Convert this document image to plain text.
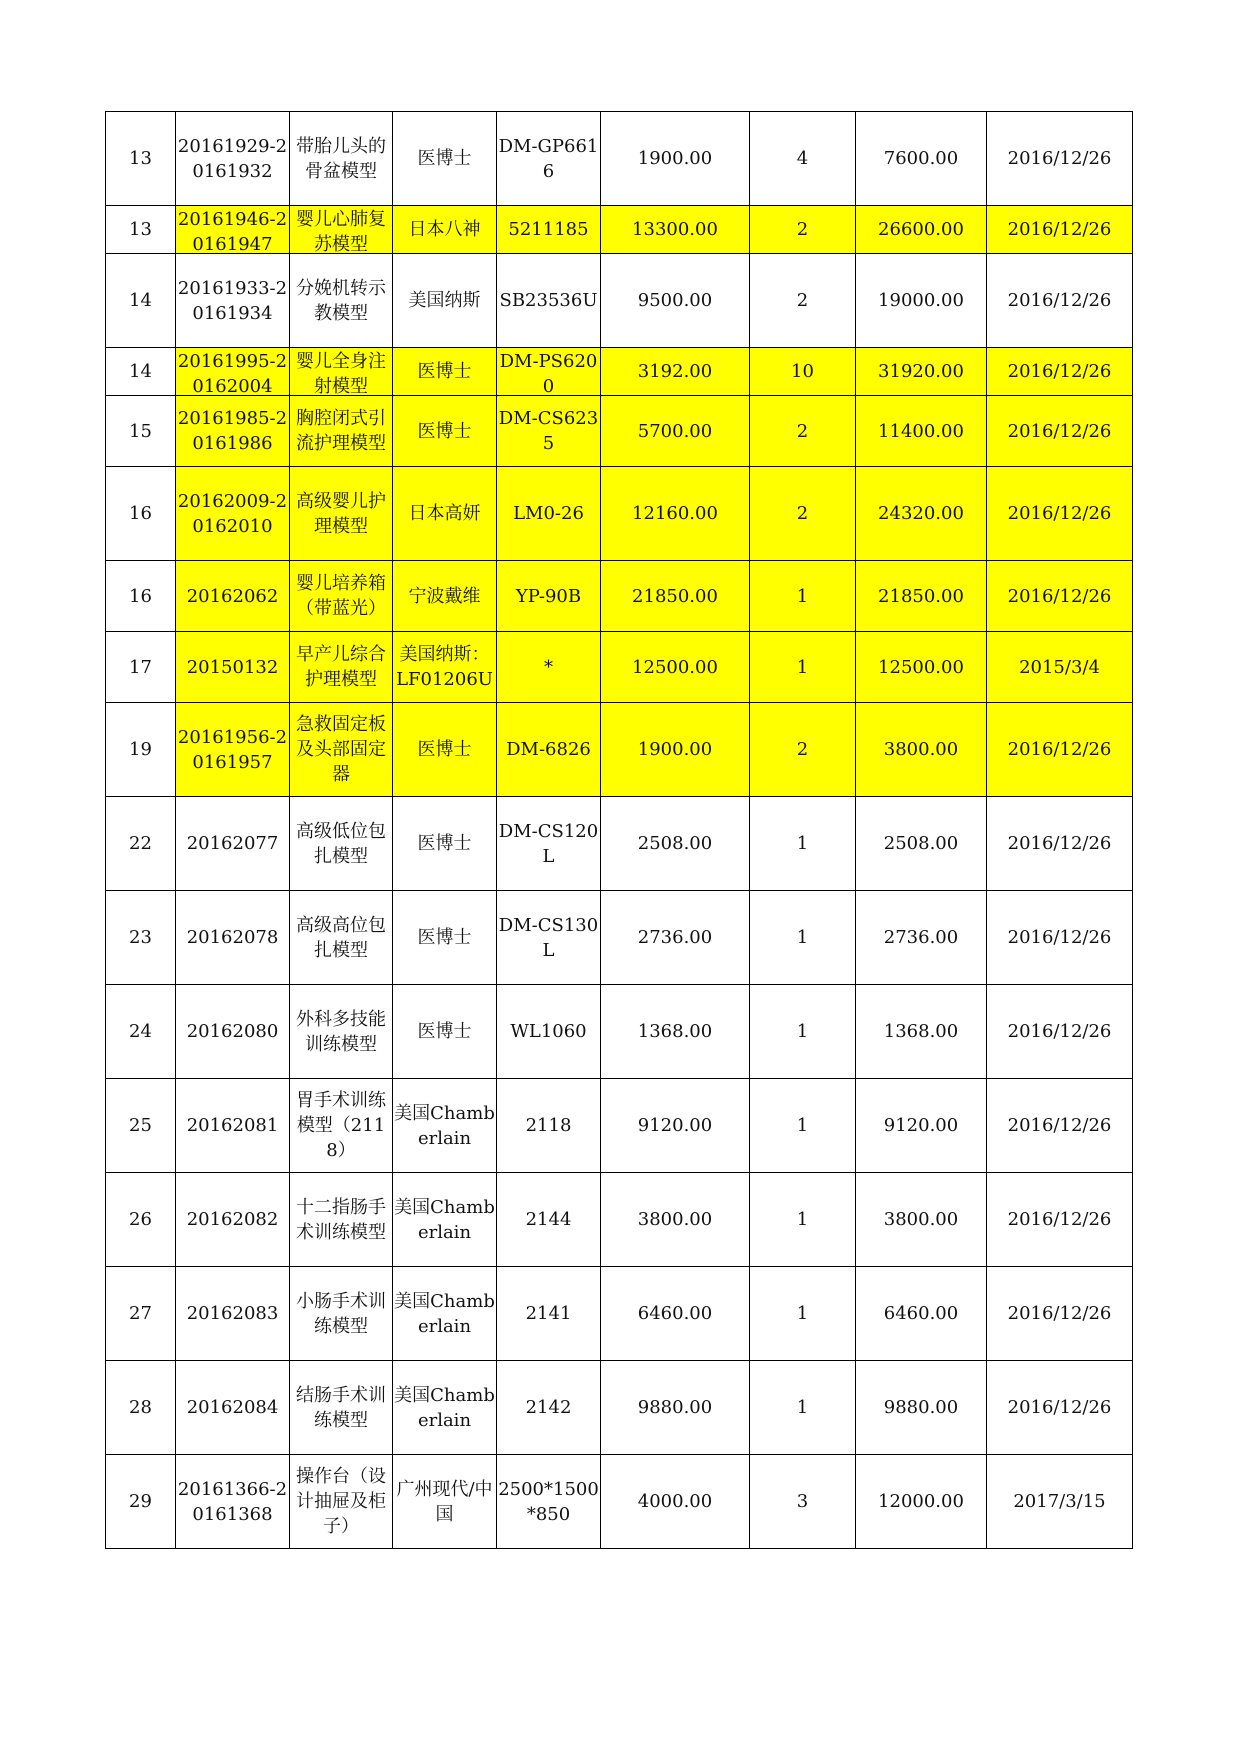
13	20161929-20161932	带胎儿头的骨盆模型	医博士	DM-GP6616	1900.00	4	7600.00	2016/12/26

13	20161946-20161947	婴儿心肺复苏模型	日本八神	5211185	13300.00	2	26600.00	2016/12/26

14	20161933-20161934	分娩机转示教模型	美国纳斯	SB23536U	9500.00	2	19000.00	2016/12/26

14	20161995-20162004	婴儿全身注射模型	医博士	DM-PS6200	3192.00	10	31920.00	2016/12/26

15	20161985-20161986	胸腔闭式引流护理模型	医博士	DM-CS6235	5700.00	2	11400.00	2016/12/26

16	20162009-20162010	高级婴儿护理模型	日本高妍	LM0-26	12160.00	2	24320.00	2016/12/26

16	20162062	婴儿培养箱（带蓝光）	宁波戴维	YP-90B	21850.00	1	21850.00	2016/12/26

17	20150132	早产儿综合护理模型	美国纳斯：LF01206U	*	12500.00	1	12500.00	2015/3/4

19	20161956-20161957	急救固定板及头部固定器	医博士	DM-6826	1900.00	2	3800.00	2016/12/26

22	20162077	高级低位包扎模型	医博士	DM-CS120L	2508.00	1	2508.00	2016/12/26

23	20162078	高级高位包扎模型	医博士	DM-CS130L	2736.00	1	2736.00	2016/12/26

24	20162080	外科多技能训练模型	医博士	WL1060	1368.00	1	1368.00	2016/12/26

25	20162081	胃手术训练模型（2118）	美国Chamberlain	2118	9120.00	1	9120.00	2016/12/26

26	20162082	十二指肠手术训练模型	美国Chamberlain	2144	3800.00	1	3800.00	2016/12/26

27	20162083	小肠手术训练模型	美国Chamberlain	2141	6460.00	1	6460.00	2016/12/26

28	20162084	结肠手术训练模型	美国Chamberlain	2142	9880.00	1	9880.00	2016/12/26

29	20161366-20161368	操作台（设计抽屉及柜子）	广州现代/中国	2500*1500*850	4000.00	3	12000.00	2017/3/15
